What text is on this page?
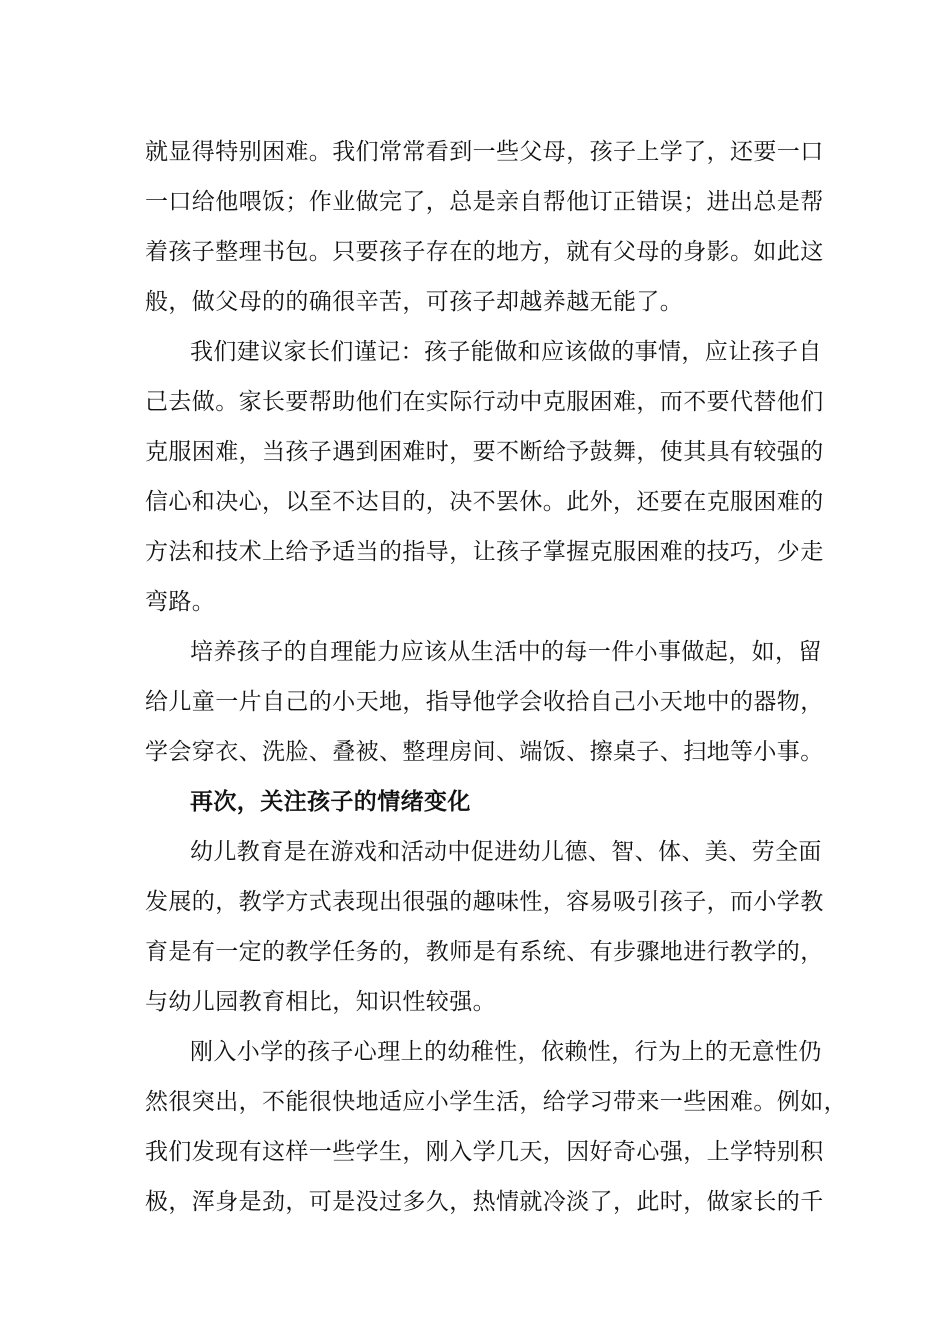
就显得特别困难。我们常常看到一些父母，孩子上学了，还要一口
一口给他喂饭；作业做完了，总是亲自帮他订正错误；进出总是帮
着孩子整理书包。只要孩子存在的地方，就有父母的身影。如此这
般，做父母的的确很辛苦，可孩子却越养越无能了。
我们建议家长们谨记：孩子能做和应该做的事情，应让孩子自
己去做。家长要帮助他们在实际行动中克服困难，而不要代替他们
克服困难，当孩子遇到困难时，要不断给予鼓舞，使其具有较强的
信心和决心，以至不达目的，决不罢休。此外，还要在克服困难的
方法和技术上给予适当的指导，让孩子掌握克服困难的技巧，少走
弯路。
培养孩子的自理能力应该从生活中的每一件小事做起，如，留
给儿童一片自己的小天地，指导他学会收拾自己小天地中的器物，
学会穿衣、洗脸、叠被、整理房间、端饭、擦桌子、扫地等小事。
再次，关注孩子的情绪变化
幼儿教育是在游戏和活动中促进幼儿德、智、体、美、劳全面
发展的，教学方式表现出很强的趣味性，容易吸引孩子，而小学教
育是有一定的教学任务的，教师是有系统、有步骤地进行教学的，
与幼儿园教育相比，知识性较强。
刚入小学的孩子心理上的幼稚性，依赖性，行为上的无意性仍
然很突出，不能很快地适应小学生活，给学习带来一些困难。例如，
我们发现有这样一些学生，刚入学几天，因好奇心强，上学特别积
极，浑身是劲，可是没过多久，热情就冷淡了，此时，做家长的千
